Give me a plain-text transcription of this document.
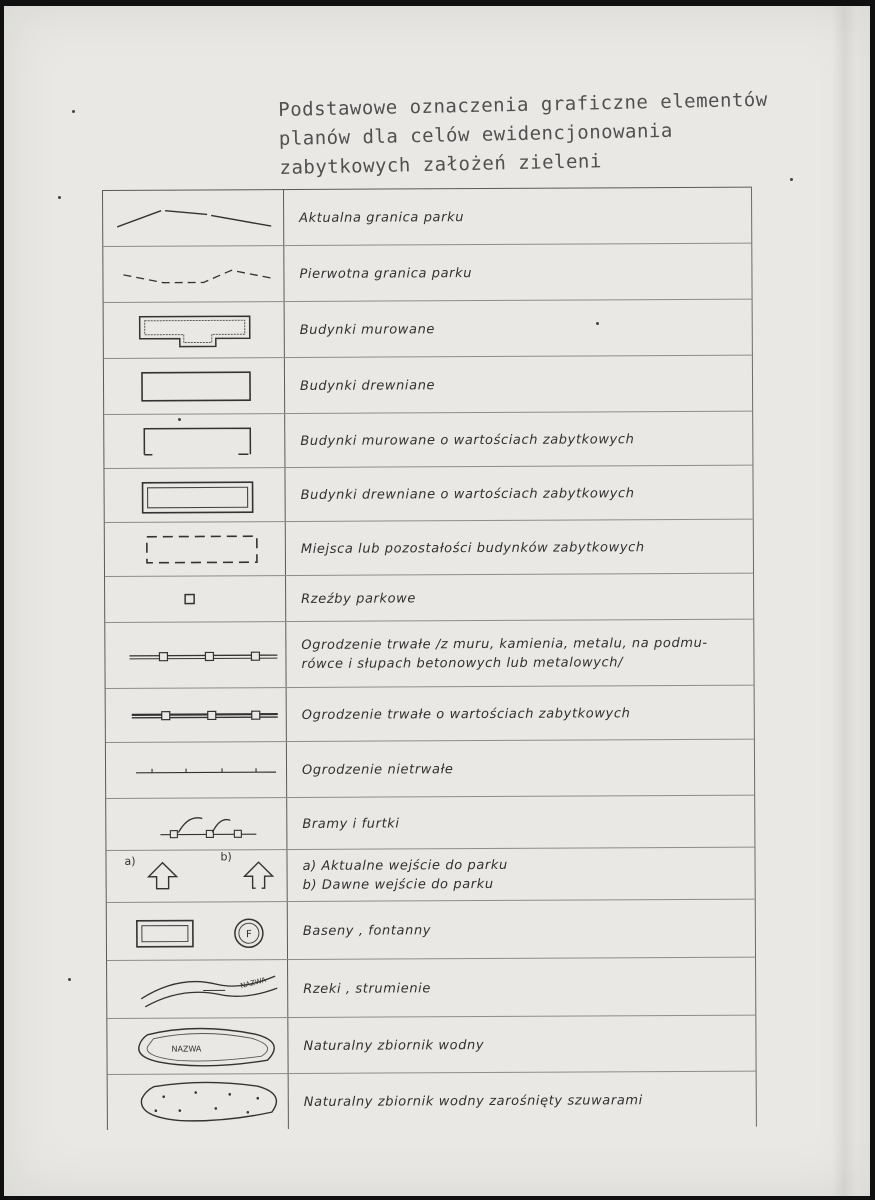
Podstawowe oznaczenia graficzne elementów
planów dla celów ewidencjonowania
zabytkowych założeń zieleni
Aktualna granica parku
Pierwotna granica parku
Budynki murowane
Budynki drewniane
Budynki murowane o wartościach zabytkowych
Budynki drewniane o wartościach zabytkowych
Miejsca lub pozostałości budynków zabytkowych
Rzeźby parkowe
Ogrodzenie trwałe /z muru, kamienia, metalu, na podmu-
rówce i słupach betonowych lub metalowych/
Ogrodzenie trwałe o wartościach zabytkowych
Ogrodzenie nietrwałe
Bramy i furtki
a)	b)
a) Aktualne wejście do parku
b) Dawne wejście do parku
F	Baseny , fontanny
NAZWA	Rzeki , strumienie
NAZWA	Naturalny zbiornik wodny
Naturalny zbiornik wodny zarośnięty szuwarami
